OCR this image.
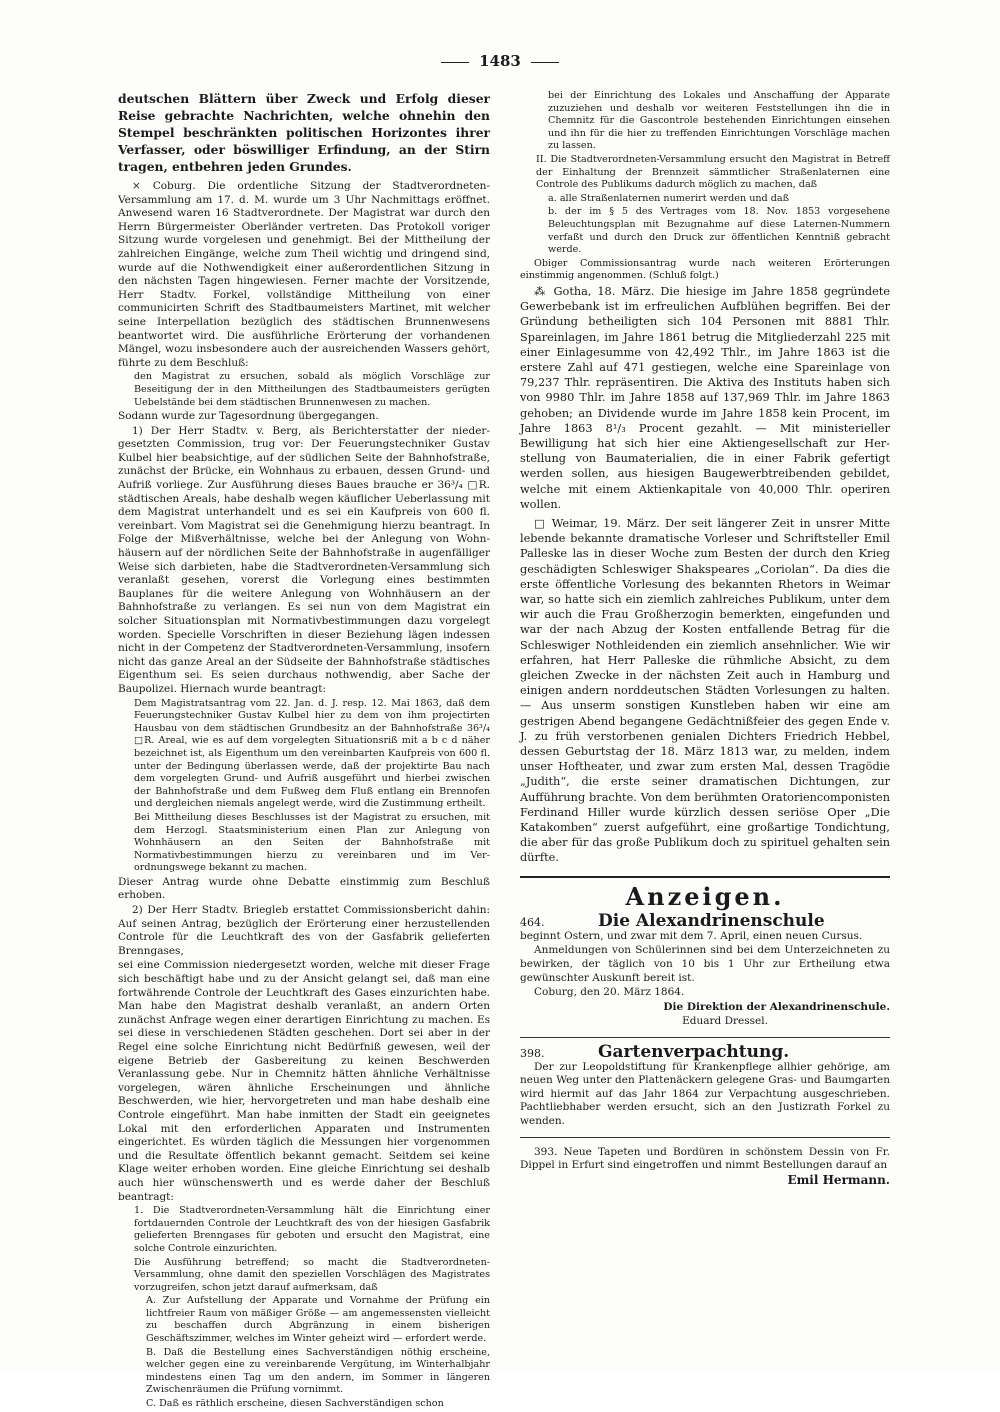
1483

deutschen Blättern über Zweck und Erfolg dieser Reise gebrachte Nachrichten, welche ohnehin den Stempel beschränkten politischen Horizontes ihrer Verfasser, oder böswilliger Erfindung, an der Stirn tragen, entbehren jeden Grundes.

⨯ Coburg. Die ordentliche Sitzung der Stadtverordneten-Versammlung am 17. d. M. wurde um 3 Uhr Nachmittags eröffnet. Anwesend waren 16 Stadtverordnete. Der Magistrat war durch den Herrn Bürgermeister Oberländer vertreten. Das Protokoll voriger Sitzung wurde vorgelesen und genehmigt. Bei der Mittheilung der zahlreichen Eingänge, welche zum Theil wichtig und dringend sind, wurde auf die Nothwendigkeit einer außerordentlichen Sitzung in den nächsten Tagen hingewiesen. Ferner machte der Vorsitzende, Herr Stadtv. Forkel, vollständige Mittheilung von einer communicirten Schrift des Stadtbaumeisters Martinet, mit welcher seine Interpellation bezüglich des städtischen Brunnenwesens beantwortet wird. Die ausführliche Erörterung der vorhandenen Mängel, wozu insbesondere auch der ausreichenden Wassers gehört, führte zu dem Beschluß:

den Magistrat zu ersuchen, sobald als möglich Vorschläge zur Beseitigung der in den Mittheilungen des Stadtbaumeisters gerügten Uebelstände bei dem städtischen Brunnenwesen zu machen.

Sodann wurde zur Tagesordnung übergegangen.

1) Der Herr Stadtv. v. Berg, als Berichterstatter der niedergesetzten Commission, trug vor: Der Feuerungstechniker Gustav Kulbel hier beabsichtige, auf der südlichen Seite der Bahnhofstraße, zunächst der Brücke, ein Wohnhaus zu erbauen, dessen Grund- und Aufriß vorliege. Zur Ausführung dieses Baues brauche er 36³/₄ □R. städtischen Areals, habe deshalb wegen käuflicher Ueberlassung mit dem Magistrat unterhandelt und es sei ein Kaufpreis von 600 fl. vereinbart. Vom Magistrat sei die Genehmigung hierzu beantragt. In Folge der Mißverhältnisse, welche bei der Anlegung von Wohnhäusern auf der nördlichen Seite der Bahnhofstraße in augenfälliger Weise sich darbieten, habe die Stadtverordneten-Versammlung sich veranlaßt gesehen, vorerst die Vorlegung eines bestimmten Bauplanes für die weitere Anlegung von Wohnhäusern an der Bahnhofstraße zu verlangen. Es sei nun von dem Magistrat ein solcher Situationsplan mit Normativbestimmungen dazu vorgelegt worden. Specielle Vorschriften in dieser Beziehung lägen indessen nicht in der Competenz der Stadtverordneten-Versammlung, insofern nicht das ganze Areal an der Südseite der Bahnhofstraße städtisches Eigenthum sei. Es seien durchaus nothwendig, aber Sache der Baupolizei. Hiernach wurde beantragt:

Dem Magistratsantrag vom 22. Jan. d. J. resp. 12. Mai 1863, daß dem Feuerungstechniker Gustav Kulbel hier zu dem von ihm projectirten Hausbau von dem städtischen Grundbesitz an der Bahnhofstraße 36³/₄ □R. Areal, wie es auf dem vorgelegten Situationsriß mit a b c d näher bezeichnet ist, als Eigenthum um den vereinbarten Kaufpreis von 600 fl. unter der Bedingung überlassen werde, daß der projektirte Bau nach dem vorgelegten Grund- und Aufriß ausgeführt und hierbei zwischen der Bahnhofstraße und dem Fußweg dem Fluß entlang ein Brennofen und dergleichen niemals angelegt werde, wird die Zustimmung ertheilt.

Bei Mittheilung dieses Beschlusses ist der Magistrat zu ersuchen, mit dem Herzogl. Staatsministerium einen Plan zur Anlegung von Wohnhäusern an den Seiten der Bahnhofstraße mit Normativbestimmungen hierzu zu vereinbaren und im Verordnungswege bekannt zu machen.

Dieser Antrag wurde ohne Debatte einstimmig zum Beschluß erhoben.

2) Der Herr Stadtv. Briegleb erstattet Commissionsbericht dahin: Auf seinen Antrag, bezüglich der Erörterung einer herzustellenden Controle für die Leuchtkraft des von der Gasfabrik gelieferten Brenngases,

sei eine Commission niedergesetzt worden, welche mit dieser Frage sich beschäftigt habe und zu der Ansicht gelangt sei, daß man eine fortwährende Controle der Leuchtkraft des Gases einzurichten habe. Man habe den Magistrat deshalb veranlaßt, an andern Orten zunächst Anfrage wegen einer derartigen Einrichtung zu machen. Es sei diese in verschiedenen Städten geschehen. Dort sei aber in der Regel eine solche Einrichtung nicht Bedürfniß gewesen, weil der eigene Betrieb der Gasbereitung zu keinen Beschwerden Veranlassung gebe. Nur in Chemnitz hätten ähnliche Verhältnisse vorgelegen, wären ähnliche Erscheinungen und ähnliche Beschwerden, wie hier, hervorgetreten und man habe deshalb eine Controle eingeführt. Man habe inmitten der Stadt ein geeignetes Lokal mit den erforderlichen Apparaten und Instrumenten eingerichtet. Es würden täglich die Messungen hier vorgenommen und die Resultate öffentlich bekannt gemacht. Seitdem sei keine Klage weiter erhoben worden. Eine gleiche Einrichtung sei deshalb auch hier wünschenswerth und es werde daher der Beschluß beantragt:

1. Die Stadtverordneten-Versammlung hält die Einrichtung einer fortdauernden Controle der Leuchtkraft des von der hiesigen Gasfabrik gelieferten Brenngases für geboten und ersucht den Magistrat, eine solche Controle einzurichten.

Die Ausführung betreffend; so macht die Stadtverordneten-Versammlung, ohne damit den speziellen Vorschlägen des Magistrates vorzugreifen, schon jetzt darauf aufmerksam, daß

A. Zur Aufstellung der Apparate und Vornahme der Prüfung ein lichtfreier Raum von mäßiger Größe — am angemessensten vielleicht zu beschaffen durch Abgränzung in einem bisherigen Geschäftszimmer, welches im Winter geheizt wird — erfordert werde.

B. Daß die Bestellung eines Sachverständigen nöthig erscheine, welcher gegen eine zu vereinbarende Vergütung, im Winterhalbjahr mindestens einen Tag um den andern, im Sommer in längeren Zwischenräumen die Prüfung vornimmt.

C. Daß es räthlich erscheine, diesen Sachverständigen schon

bei der Einrichtung des Lokales und Anschaffung der Apparate zuzuziehen und deshalb vor weiteren Feststellungen ihn die in Chemnitz für die Gascontrole bestehenden Einrichtungen einsehen und ihn für die hier zu treffenden Einrichtungen Vorschläge machen zu lassen.

II. Die Stadtverordneten-Versammlung ersucht den Magistrat in Betreff der Einhaltung der Brennzeit sämmtlicher Straßenlaternen eine Controle des Publikums dadurch möglich zu machen, daß

a. alle Straßenlaternen numerirt werden und daß

b. der im § 5 des Vertrages vom 18. Nov. 1853 vorgesehene Beleuchtungsplan mit Bezugnahme auf diese Laternen-Nummern verfaßt und durch den Druck zur öffentlichen Kenntniß gebracht werde.

Obiger Commissionsantrag wurde nach weiteren Erörterungen einstimmig angenommen. (Schluß folgt.)

⁂ Gotha, 18. März. Die hiesige im Jahre 1858 gegründete Gewerbebank ist im erfreulichen Aufblühen begriffen. Bei der Gründung betheiligten sich 104 Personen mit 8881 Thlr. Spareinlagen, im Jahre 1861 betrug die Mitgliederzahl 225 mit einer Einlagesumme von 42,492 Thlr., im Jahre 1863 ist die erstere Zahl auf 471 gestiegen, welche eine Spareinlage von 79,237 Thlr. repräsentiren. Die Aktiva des Instituts haben sich von 9980 Thlr. im Jahre 1858 auf 137,969 Thlr. im Jahre 1863 gehoben; an Dividende wurde im Jahre 1858 kein Procent, im Jahre 1863 8¹/₃ Procent gezahlt. — Mit ministerieller Bewilligung hat sich hier eine Aktiengesellschaft zur Herstellung von Baumaterialien, die in einer Fabrik gefertigt werden sollen, aus hiesigen Baugewerbtreibenden gebildet, welche mit einem Aktienkapitale von 40,000 Thlr. operiren wollen.

□ Weimar, 19. März. Der seit längerer Zeit in unsrer Mitte lebende bekannte dramatische Vorleser und Schriftsteller Emil Palleske las in dieser Woche zum Besten der durch den Krieg geschädigten Schleswiger Shakspeares „Coriolan“. Da dies die erste öffentliche Vorlesung des bekannten Rhetors in Weimar war, so hatte sich ein ziemlich zahlreiches Publikum, unter dem wir auch die Frau Großherzogin bemerkten, eingefunden und war der nach Abzug der Kosten entfallende Betrag für die Schleswiger Nothleidenden ein ziemlich ansehnlicher. Wie wir erfahren, hat Herr Palleske die rühmliche Absicht, zu dem gleichen Zwecke in der nächsten Zeit auch in Hamburg und einigen andern norddeutschen Städten Vorlesungen zu halten. — Aus unserm sonstigen Kunstleben haben wir eine am gestrigen Abend begangene Gedächtnißfeier des gegen Ende v. J. zu früh verstorbenen genialen Dichters Friedrich Hebbel, dessen Geburtstag der 18. März 1813 war, zu melden, indem unser Hoftheater, und zwar zum ersten Mal, dessen Tragödie „Judith“, die erste seiner dramatischen Dichtungen, zur Aufführung brachte. Von dem berühmten Oratoriencomponisten Ferdinand Hiller wurde kürzlich dessen seriöse Oper „Die Katakomben“ zuerst aufgeführt, eine großartige Tondichtung, die aber für das große Publikum doch zu spirituel gehalten sein dürfte.

Anzeigen.
464.	Die Alexandrinenschule

beginnt Ostern, und zwar mit dem 7. April, einen neuen Cursus.

Anmeldungen von Schülerinnen sind bei dem Unterzeichneten zu bewirken, der täglich von 10 bis 1 Uhr zur Ertheilung etwa gewünschter Auskunft bereit ist.

Coburg, den 20. März 1864.

Die Direktion der Alexandrinenschule.

Eduard Dressel.

398.	Gartenverpachtung.

Der zur Leopoldstiftung für Krankenpflege allhier gehörige, am neuen Weg unter den Plattenäckern gelegene Gras- und Baumgarten wird hiermit auf das Jahr 1864 zur Verpachtung ausgeschrieben. Pachtliebhaber werden ersucht, sich an den Justizrath Forkel zu wenden.

393. Neue Tapeten und Bordüren in schönstem Dessin von Fr. Dippel in Erfurt sind eingetroffen und nimmt Bestellungen darauf an

Emil Hermann.
